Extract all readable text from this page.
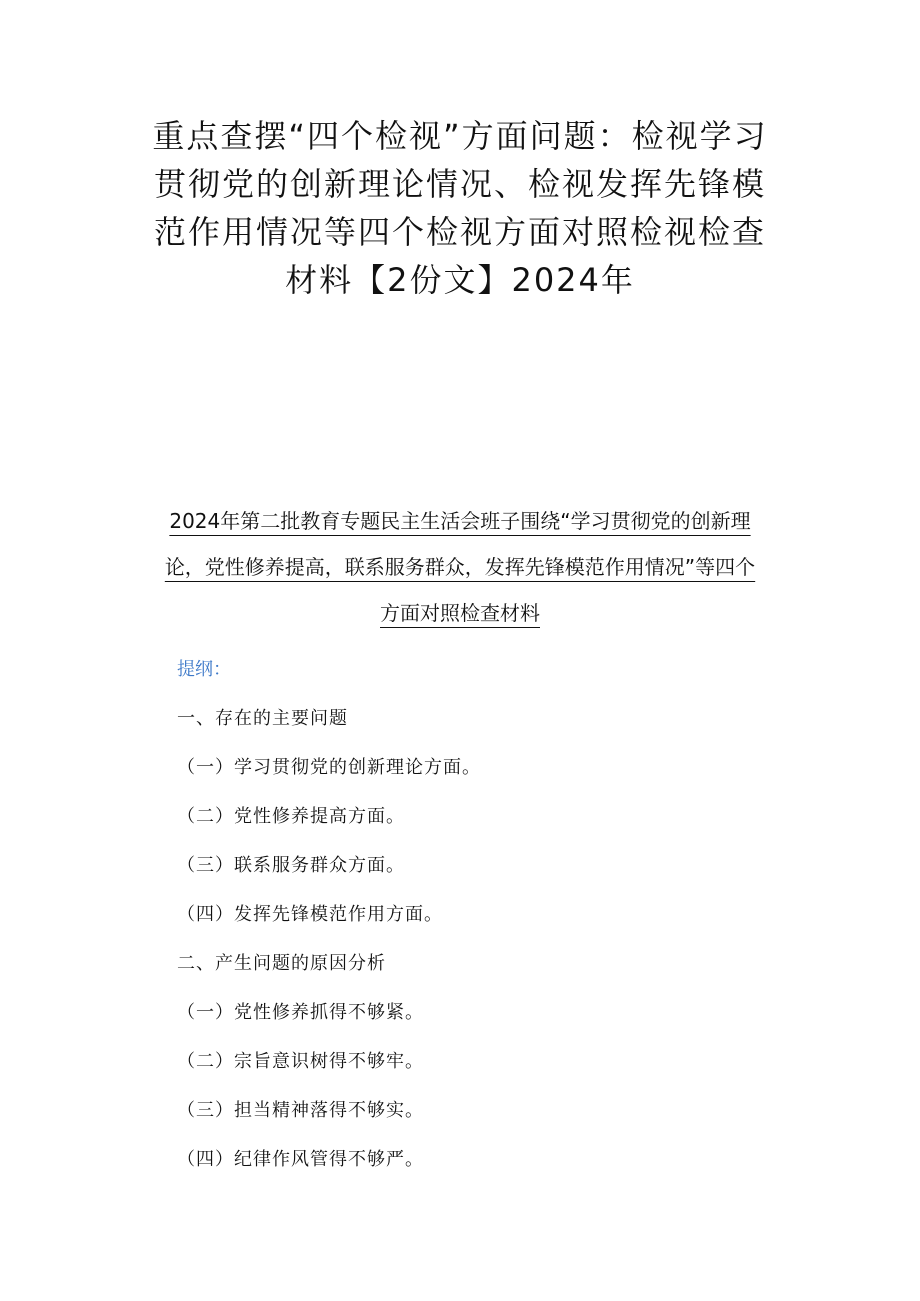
重点查摆“四个检视”方面问题：检视学习贯彻党的创新理论情况、检视发挥先锋模范作用情况等四个检视方面对照检视检查材料【2份文】2024年
2024年第二批教育专题民主生活会班子围绕“学习贯彻党的创新理论，党性修养提高，联系服务群众，发挥先锋模范作用情况”等四个方面对照检查材料
提纲：
一、存在的主要问题
（一）学习贯彻党的创新理论方面。
（二）党性修养提高方面。
（三）联系服务群众方面。
（四）发挥先锋模范作用方面。
二、产生问题的原因分析
（一）党性修养抓得不够紧。
（二）宗旨意识树得不够牢。
（三）担当精神落得不够实。
（四）纪律作风管得不够严。
